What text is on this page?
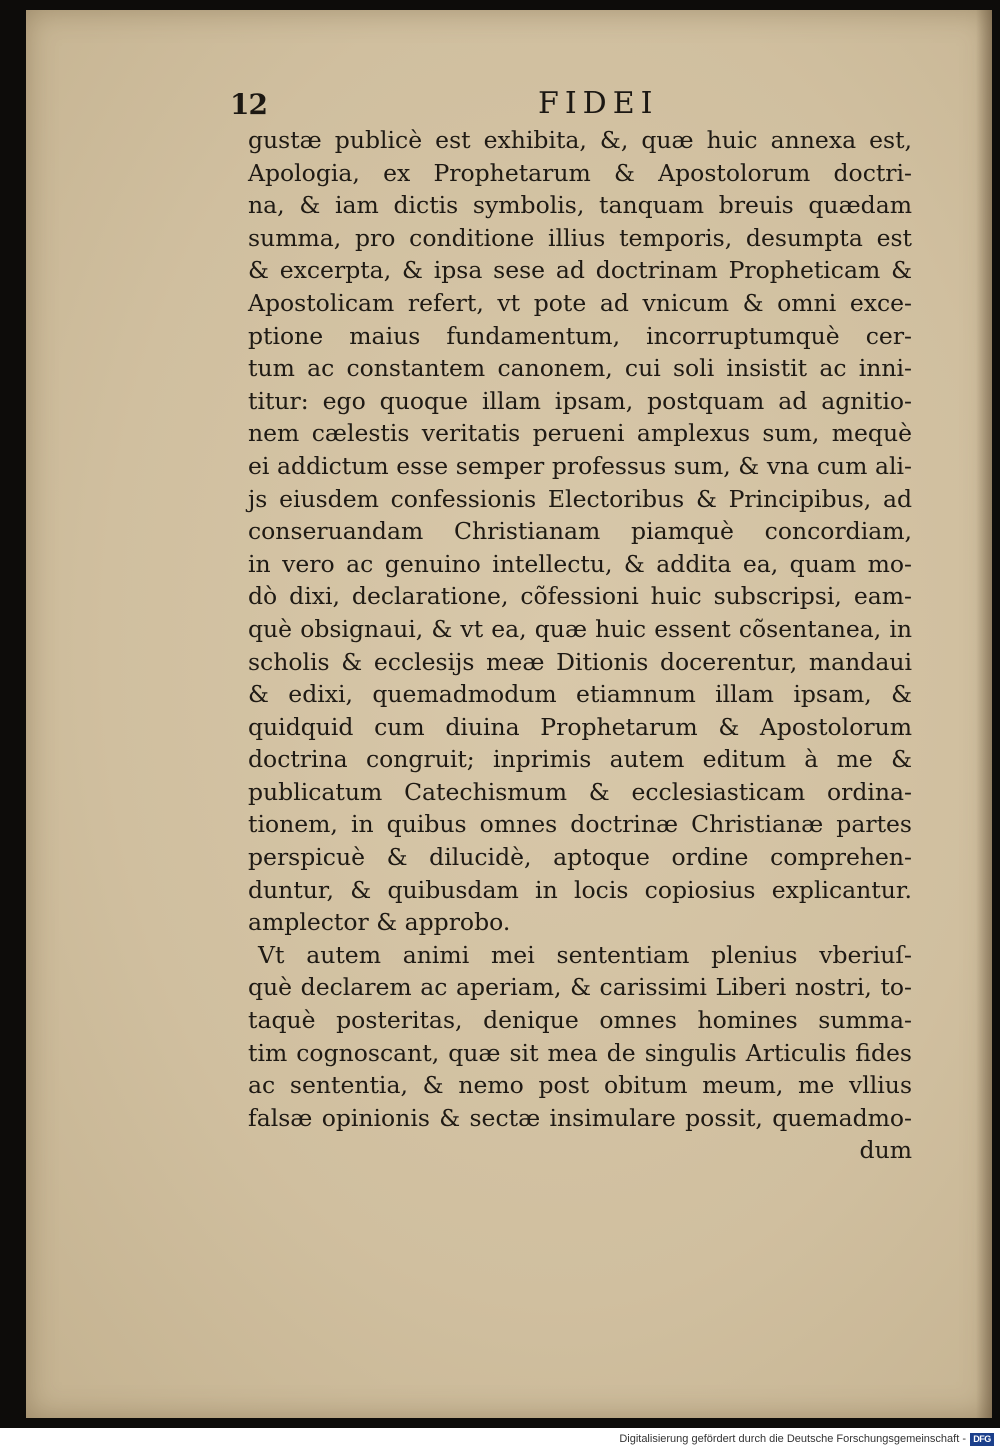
12	FIDEI
gustæ publicè est exhibita, &, quæ huic annexa est,
Apologia, ex Prophetarum & Apostolorum doctri-
na, & iam dictis symbolis, tanquam breuis quædam
summa, pro conditione illius temporis, desumpta est
& excerpta, & ipsa sese ad doctrinam Propheticam &
Apostolicam refert, vt pote ad vnicum & omni exce-
ptione maius fundamentum, incorruptumquè cer-
tum ac constantem canonem, cui soli insistit ac inni-
titur: ego quoque illam ipsam, postquam ad agnitio-
nem cælestis veritatis perueni amplexus sum, mequè
ei addictum esse semper professus sum, & vna cum ali-
js eiusdem confessionis Electoribus & Principibus, ad
conseruandam Christianam piamquè concordiam,
in vero ac genuino intellectu, & addita ea, quam mo-
dò dixi, declaratione, cõfessioni huic subscripsi, eam-
què obsignaui, & vt ea, quæ huic essent cõsentanea, in
scholis & ecclesijs meæ Ditionis docerentur, mandaui
& edixi, quemadmodum etiamnum illam ipsam, &
quidquid cum diuina Prophetarum & Apostolorum
doctrina congruit; inprimis autem editum à me &
publicatum Catechismum & ecclesiasticam ordina-
tionem, in quibus omnes doctrinæ Christianæ partes
perspicuè & dilucidè, aptoque ordine comprehen-
duntur, & quibusdam in locis copiosius explicantur.
amplector & approbo.
Vt autem animi mei sententiam plenius vberiuſ-
què declarem ac aperiam, & carissimi Liberi nostri, to-
taquè posteritas, denique omnes homines summa-
tim cognoscant, quæ sit mea de singulis Articulis fides
ac sententia, & nemo post obitum meum, me vllius
falsæ opinionis & sectæ insimulare possit, quemadmo-
dum
Digitalisierung gefördert durch die Deutsche Forschungsgemeinschaft - DFG
